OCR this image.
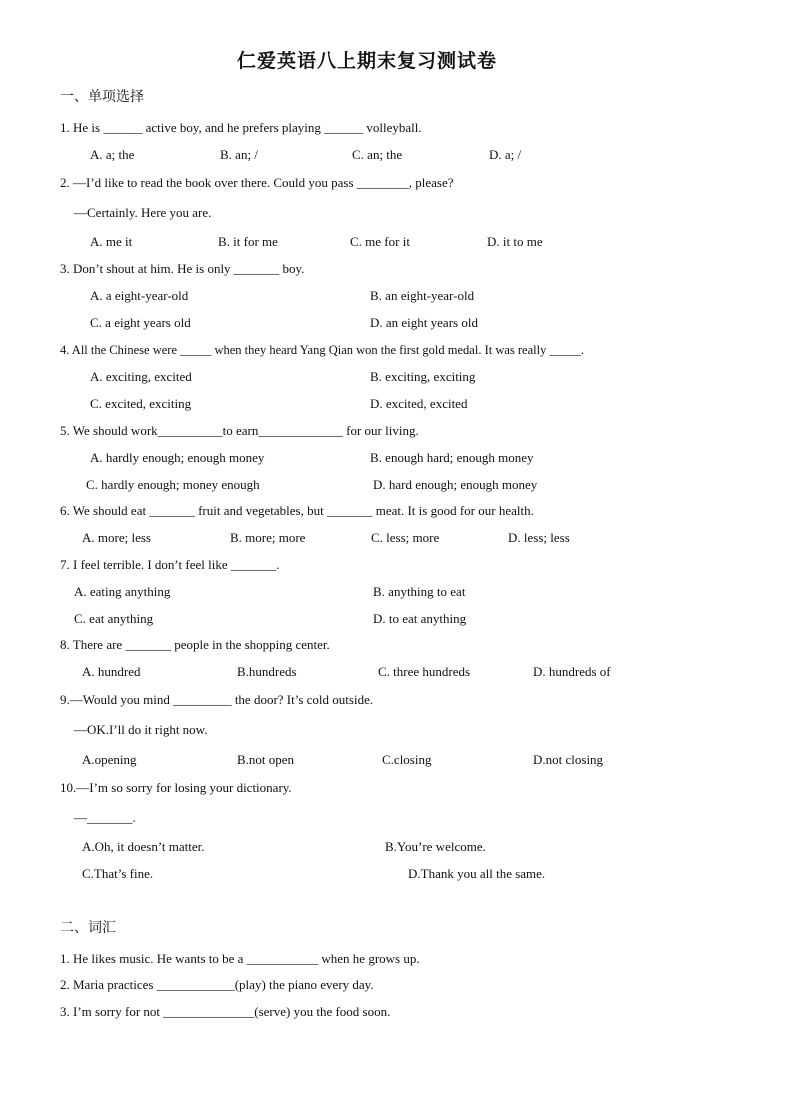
仁爱英语八上期末复习测试卷
一、单项选择
1. He is ______ active boy, and he prefers playing ______ volleyball.
A. a; the	B. an; /	C. an; the	D. a; /
2. —I’d like to read the book over there. Could you pass ________, please?
—Certainly. Here you are.
A. me it	B. it for me	C. me for it	D. it to me
3. Don’t shout at him. He is only _______ boy.
A. a eight-year-old	B. an eight-year-old
C. a eight years old	D. an eight years old
4. All the Chinese were _____ when they heard Yang Qian won the first gold medal. It was really _____.
A. exciting, excited	B. exciting, exciting
C. excited, exciting	D. excited, excited
5. We should work__________to earn_____________ for our living.
A. hardly enough; enough money	B. enough hard; enough money
C. hardly enough; money enough	D. hard enough; enough money
6. We should eat _______ fruit and vegetables, but _______ meat. It is good for our health.
A. more; less	B. more; more	C. less; more	D. less; less
7. I feel terrible. I don’t feel like _______.
A. eating anything	B. anything to eat
C. eat anything	D. to eat anything
8. There are _______ people in the shopping center.
A. hundred	B.hundreds	C. three hundreds	D. hundreds of
9.—Would you mind _________ the door? It’s cold outside.
—OK.I’ll do it right now.
A.opening	B.not open	C.closing	D.not closing
10.—I’m so sorry for losing your dictionary.
—_______.
A.Oh, it doesn’t matter.	B.You’re welcome.
C.That’s fine.	D.Thank you all the same.
二、词汇
1. He likes music. He wants to be a ___________ when he grows up.
2. Maria practices ____________(play) the piano every day.
3. I’m sorry for not ______________(serve) you the food soon.
